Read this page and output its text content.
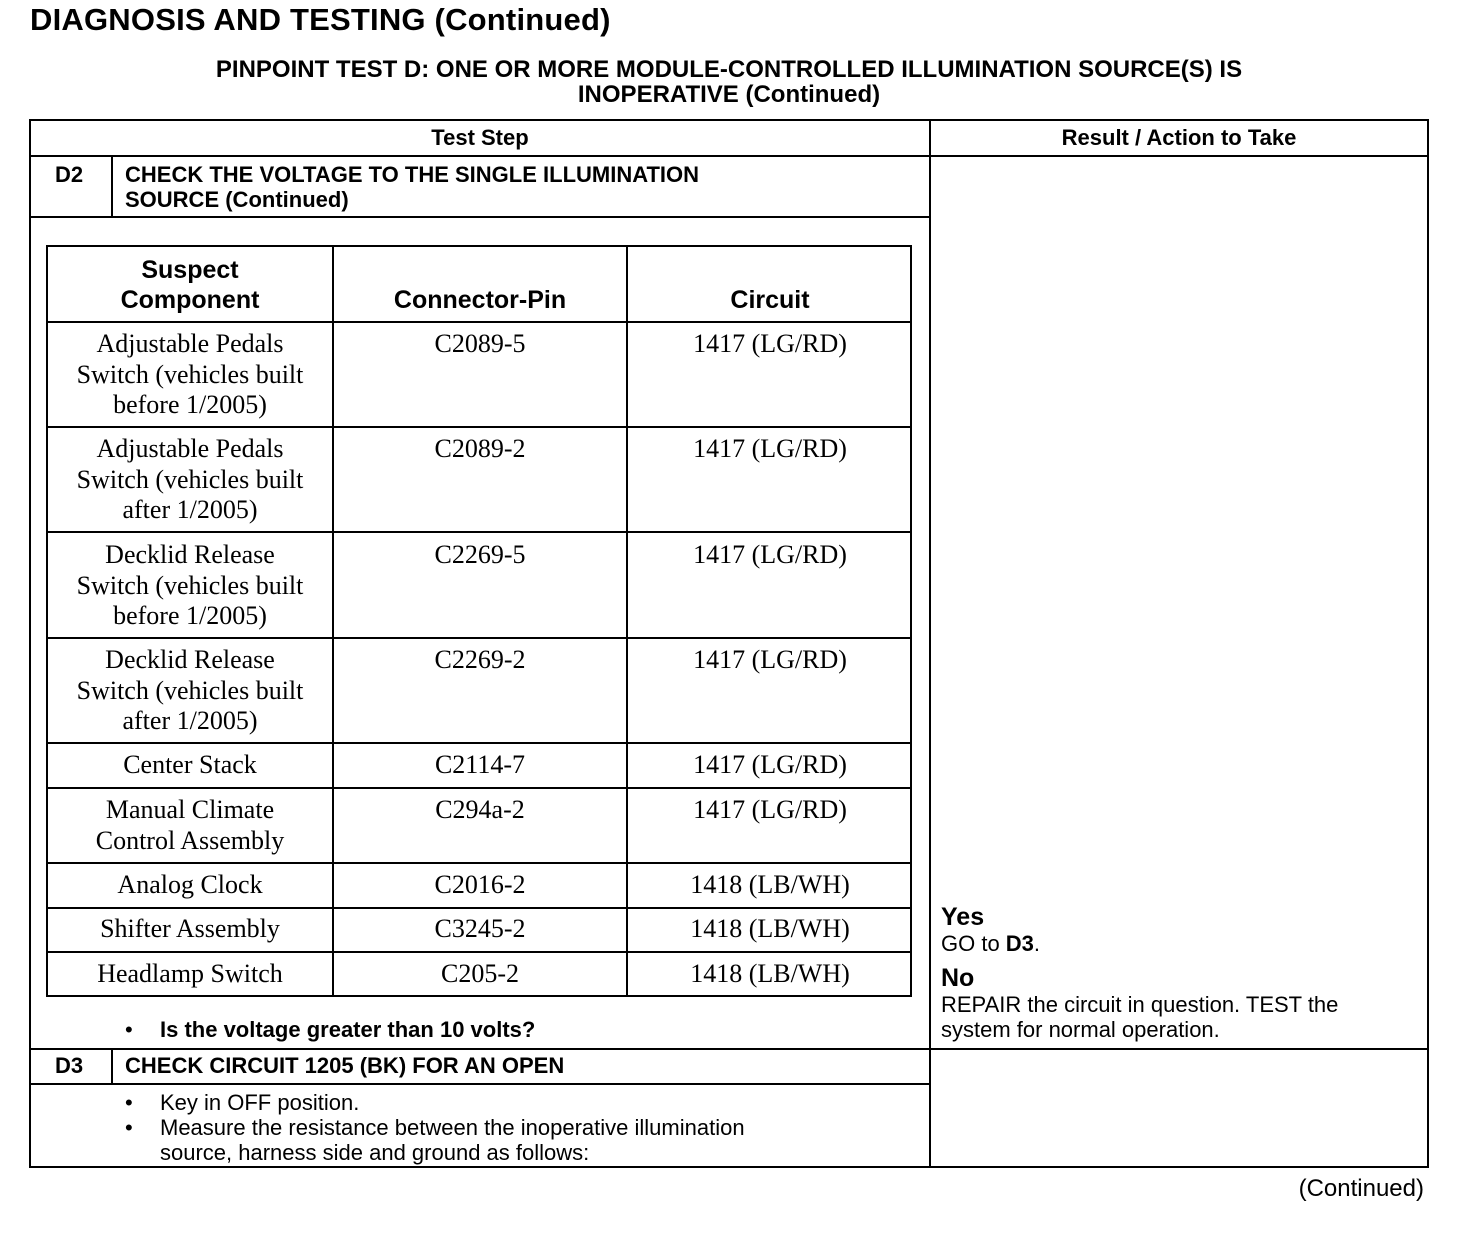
DIAGNOSIS AND TESTING (Continued)
PINPOINT TEST D: ONE OR MORE MODULE-CONTROLLED ILLUMINATION SOURCE(S) IS
INOPERATIVE (Continued)
Test Step	Result / Action to Take
D2 CHECK THE VOLTAGE TO THE SINGLE ILLUMINATION
SOURCE (Continued)
Suspect
Component	Connector-Pin	Circuit
Adjustable Pedals
Switch (vehicles built
before 1/2005)
C2089-5	1417 (LG/RD)
Adjustable Pedals
Switch (vehicles built
after 1/2005)
C2089-2	1417 (LG/RD)
Decklid Release
Switch (vehicles built
before 1/2005)
C2269-5	1417 (LG/RD)
Decklid Release
Switch (vehicles built
after 1/2005)
C2269-2	1417 (LG/RD)
Center Stack	C2114-7	1417 (LG/RD)
Manual Climate
Control Assembly
C294a-2	1417 (LG/RD)
Analog Clock	C2016-2	1418 (LB/WH)
Shifter Assembly	C3245-2	1418 (LB/WH)
Headlamp Switch	C205-2	1418 (LB/WH)
• Is the voltage greater than 10 volts?
Yes
GO to D3.
No
REPAIR the circuit in question. TEST the
system for normal operation.
D3 CHECK CIRCUIT 1205 (BK) FOR AN OPEN
• Key in OFF position.
• Measure the resistance between the inoperative illumination
source, harness side and ground as follows:
(Continued)
